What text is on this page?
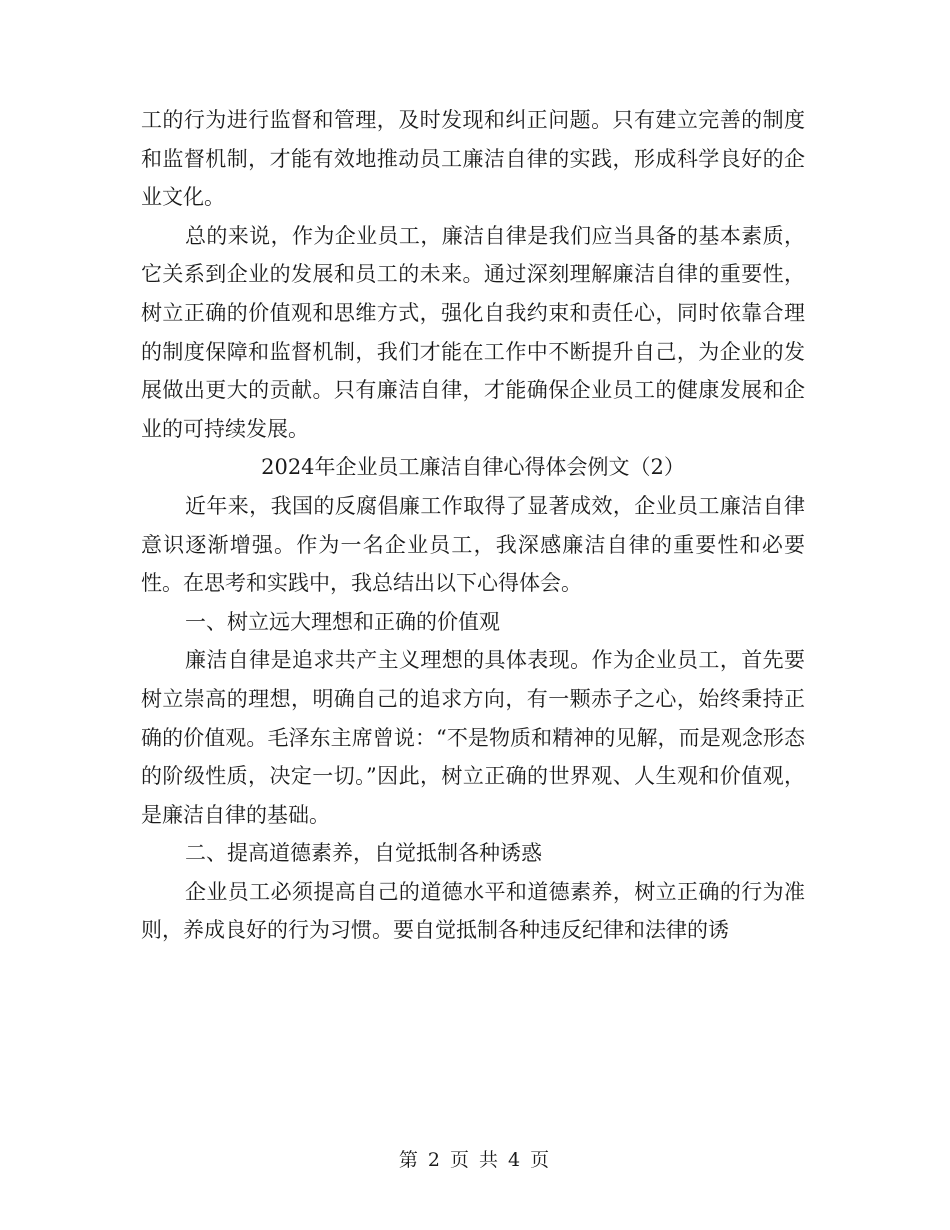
工的行为进行监督和管理，及时发现和纠正问题。只有建立完善的制度和监督机制，才能有效地推动员工廉洁自律的实践，形成科学良好的企业文化。

总的来说，作为企业员工，廉洁自律是我们应当具备的基本素质，它关系到企业的发展和员工的未来。通过深刻理解廉洁自律的重要性，树立正确的价值观和思维方式，强化自我约束和责任心，同时依靠合理的制度保障和监督机制，我们才能在工作中不断提升自己，为企业的发展做出更大的贡献。只有廉洁自律，才能确保企业员工的健康发展和企业的可持续发展。

2024年企业员工廉洁自律心得体会例文（2）

近年来，我国的反腐倡廉工作取得了显著成效，企业员工廉洁自律意识逐渐增强。作为一名企业员工，我深感廉洁自律的重要性和必要性。在思考和实践中，我总结出以下心得体会。

一、树立远大理想和正确的价值观

廉洁自律是追求共产主义理想的具体表现。作为企业员工，首先要树立崇高的理想，明确自己的追求方向，有一颗赤子之心，始终秉持正确的价值观。毛泽东主席曾说：“不是物质和精神的见解，而是观念形态的阶级性质，决定一切。”因此，树立正确的世界观、人生观和价值观，是廉洁自律的基础。

二、提高道德素养，自觉抵制各种诱惑

企业员工必须提高自己的道德水平和道德素养，树立正确的行为准则，养成良好的行为习惯。要自觉抵制各种违反纪律和法律的诱

第 2 页 共 4 页
